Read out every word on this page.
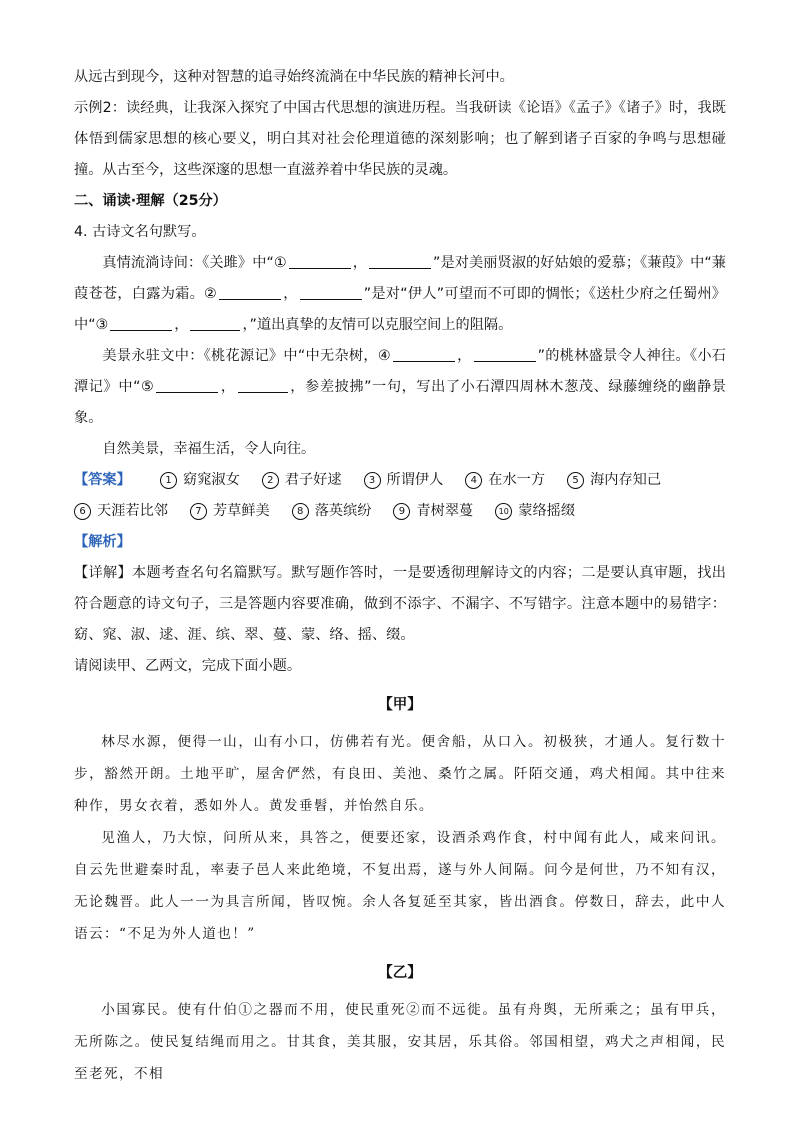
从远古到现今，这种对智慧的追寻始终流淌在中华民族的精神长河中。

示例2：读经典，让我深入探究了中国古代思想的演进历程。当我研读《论语》《孟子》《诸子》时，我既体悟到儒家思想的核心要义，明白其对社会伦理道德的深刻影响；也了解到诸子百家的争鸣与思想碰撞。从古至今，这些深邃的思想一直滋养着中华民族的灵魂。

二、诵读·理解（25分）

4. 古诗文名句默写。

真情流淌诗间：《关雎》中“①	，	”是对美丽贤淑的好姑娘的爱慕；《蒹葭》中“蒹葭苍苍，白露为霜。②	，	”是对“伊人”可望而不可即的惆怅；《送杜少府之任蜀州》中“③	，	，”道出真挚的友情可以克服空间上的阻隔。

美景永驻文中：《桃花源记》中“中无杂树，④	，	”的桃林盛景令人神往。《小石潭记》中“⑤	，	，参差披拂”一句，写出了小石潭四周林木葱茂、绿藤缠绕的幽静景象。

自然美景，幸福生活，令人向往。

【答案】	1 窈窕淑女	2 君子好逑	3 所谓伊人	4 在水一方	5 海内存知己
6 天涯若比邻	7 芳草鲜美	8 落英缤纷	9 青树翠蔓	10 蒙络摇缀

【解析】

【详解】本题考查名句名篇默写。默写题作答时，一是要透彻理解诗文的内容；二是要认真审题，找出符合题意的诗文句子，三是答题内容要准确，做到不添字、不漏字、不写错字。注意本题中的易错字：窈、窕、淑、逑、涯、缤、翠、蔓、蒙、络、摇、缀。

请阅读甲、乙两文，完成下面小题。

【甲】

林尽水源，便得一山，山有小口，仿佛若有光。便舍船，从口入。初极狭，才通人。复行数十步，豁然开朗。土地平旷，屋舍俨然，有良田、美池、桑竹之属。阡陌交通，鸡犬相闻。其中往来种作，男女衣着，悉如外人。黄发垂髫，并怡然自乐。

见渔人，乃大惊，问所从来，具答之，便要还家，设酒杀鸡作食，村中闻有此人，咸来问讯。自云先世避秦时乱，率妻子邑人来此绝境，不复出焉，遂与外人间隔。问今是何世，乃不知有汉，无论魏晋。此人一一为具言所闻，皆叹惋。余人各复延至其家，皆出酒食。停数日，辞去，此中人语云：“不足为外人道也！”

【乙】

小国寡民。使有什伯①之器而不用，使民重死②而不远徙。虽有舟舆，无所乘之；虽有甲兵，无所陈之。使民复结绳而用之。甘其食，美其服，安其居，乐其俗。邻国相望，鸡犬之声相闻，民至老死，不相
